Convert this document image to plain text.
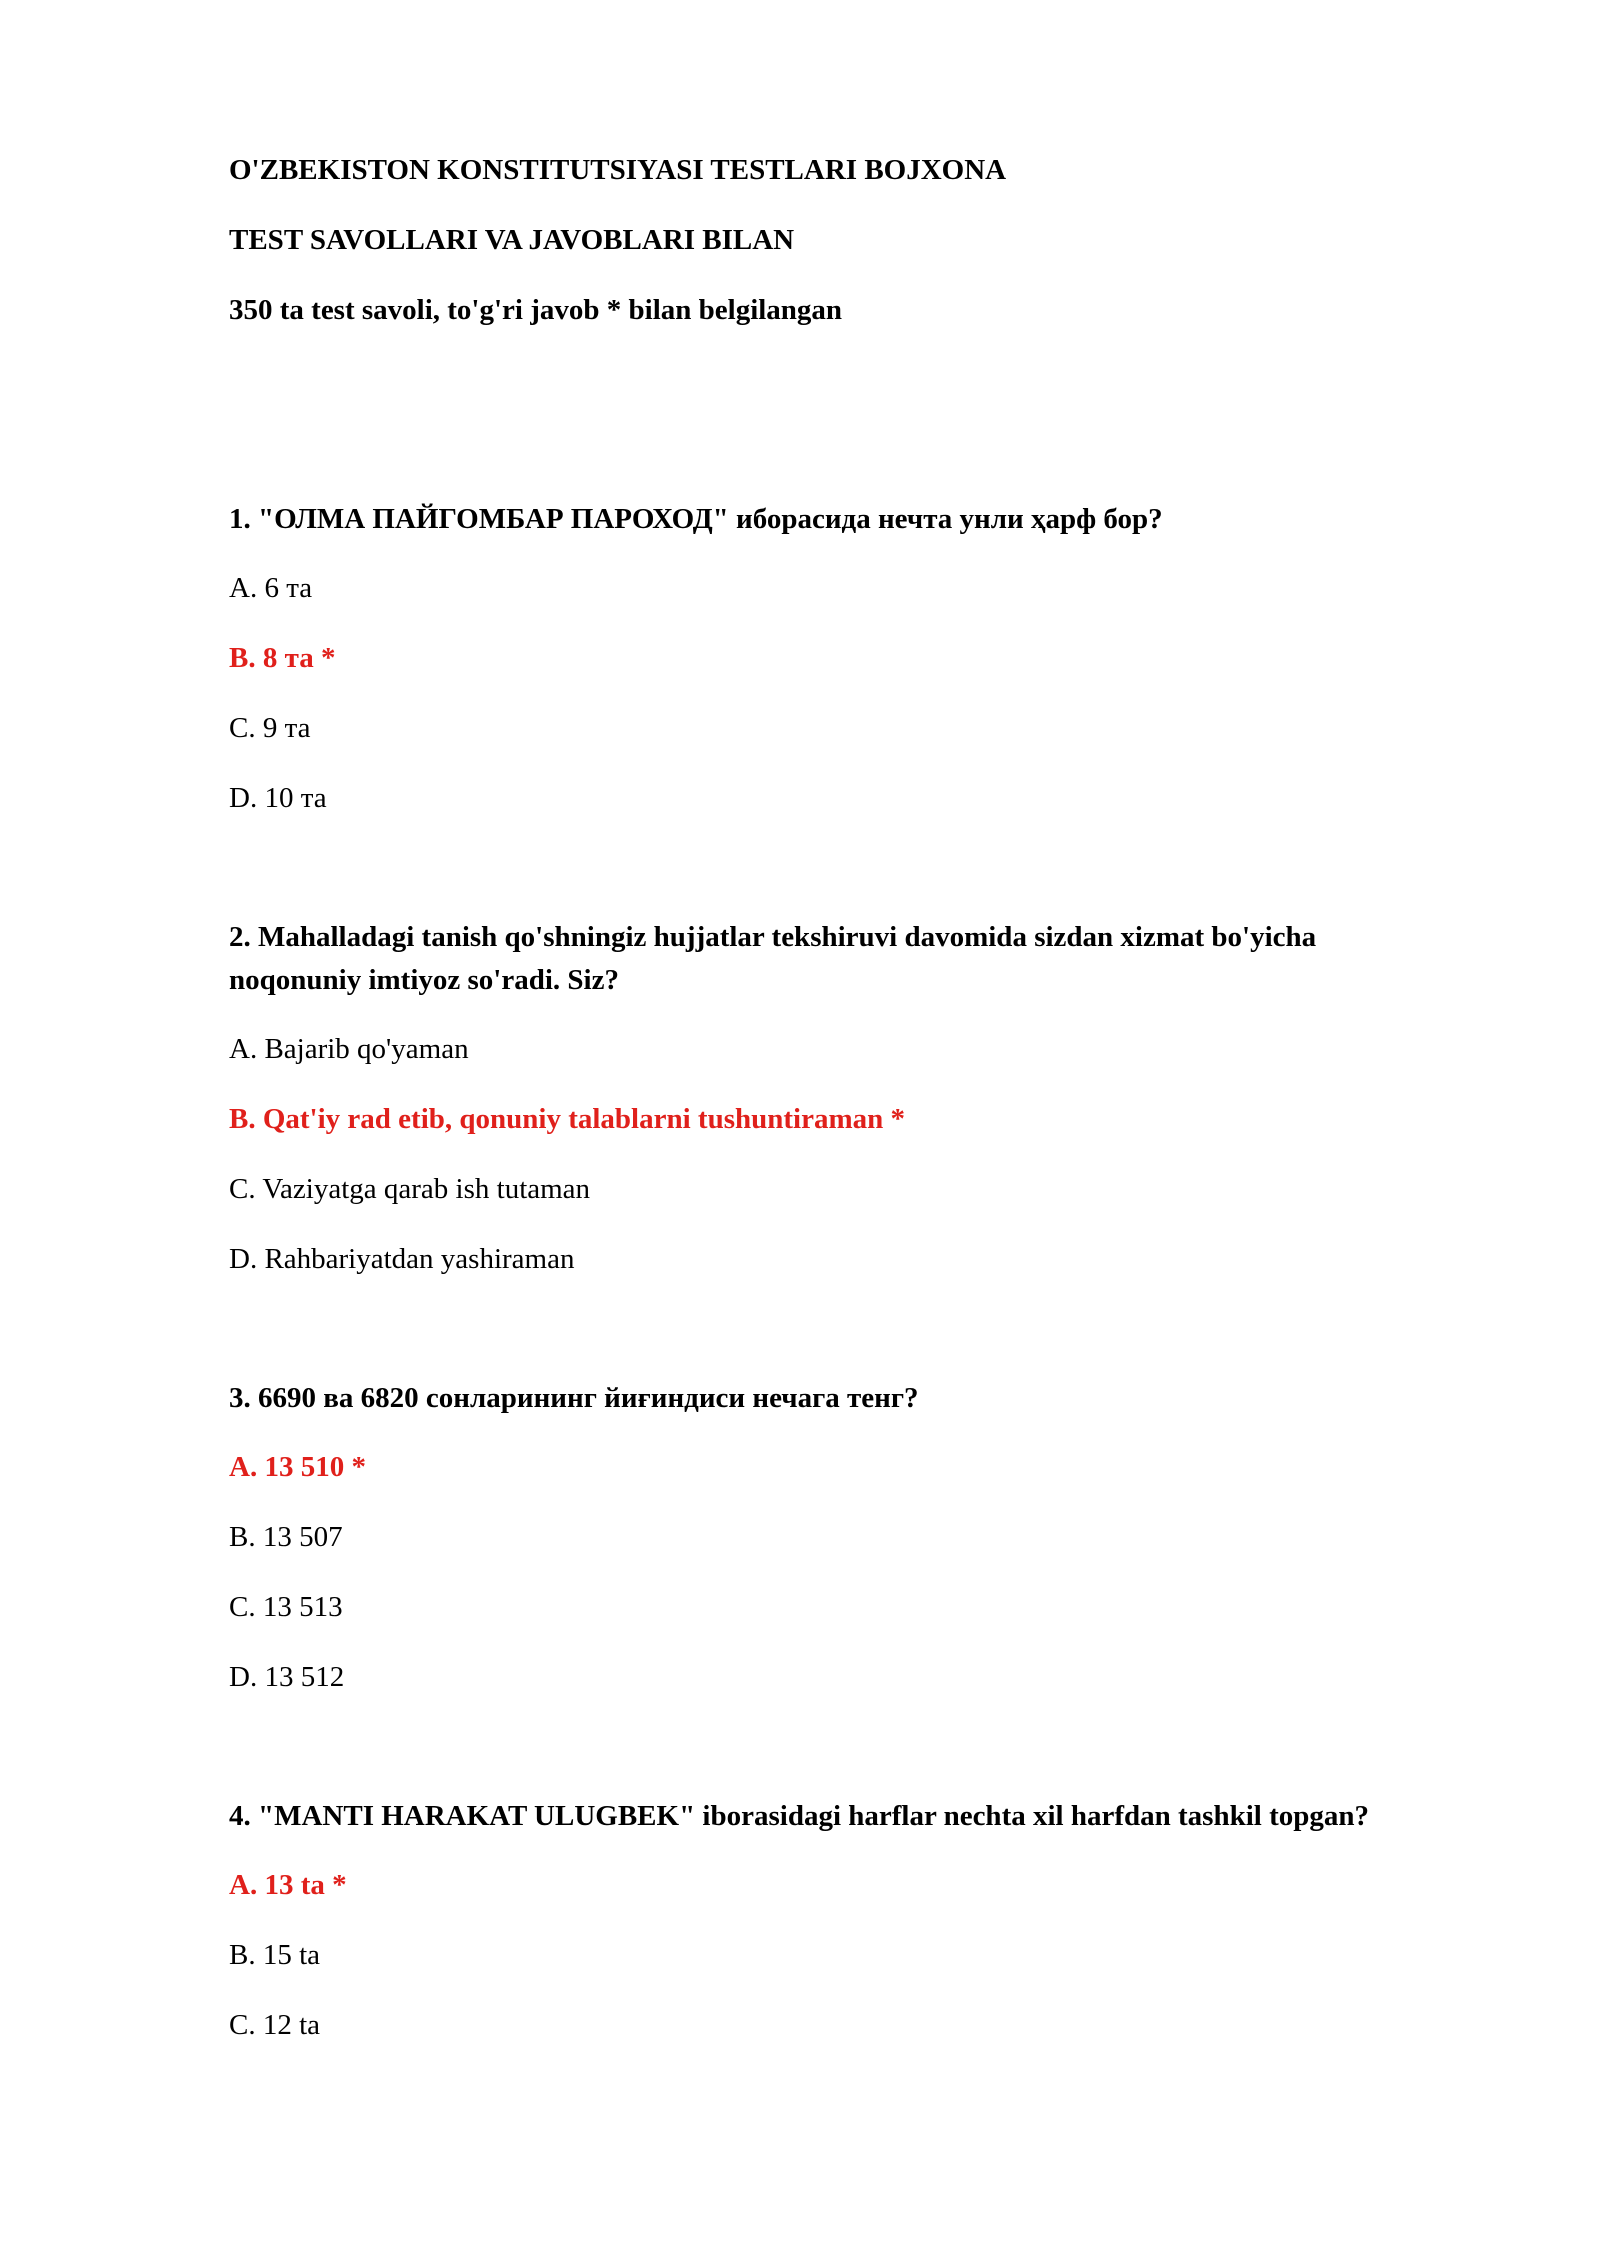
O'ZBEKISTON KONSTITUTSIYASI TESTLARI BOJXONA
TEST SAVOLLARI VA JAVOBLARI BILAN
350 ta test savoli, to'g'ri javob * bilan belgilangan
1. "ОЛМА ПАЙГОМБАР ПАРОХОД" иборасида нечта унли ҳарф бор?
A. 6 та
B. 8 та *
C. 9 та
D. 10 та
2. Mahalladagi tanish qo'shningiz hujjatlar tekshiruvi davomida sizdan xizmat bo'yicha noqonuniy imtiyoz so'radi. Siz?
A. Bajarib qo'yaman
B. Qat'iy rad etib, qonuniy talablarni tushuntiraman *
C. Vaziyatga qarab ish tutaman
D. Rahbariyatdan yashiraman
3. 6690 ва 6820 сонларининг йиғиндиси нечага тенг?
A. 13 510 *
B. 13 507
C. 13 513
D. 13 512
4. "MANTI HARAKAT ULUGBEK" iborasidagi harflar nechta xil harfdan tashkil topgan?
A. 13 ta *
B. 15 ta
C. 12 ta
